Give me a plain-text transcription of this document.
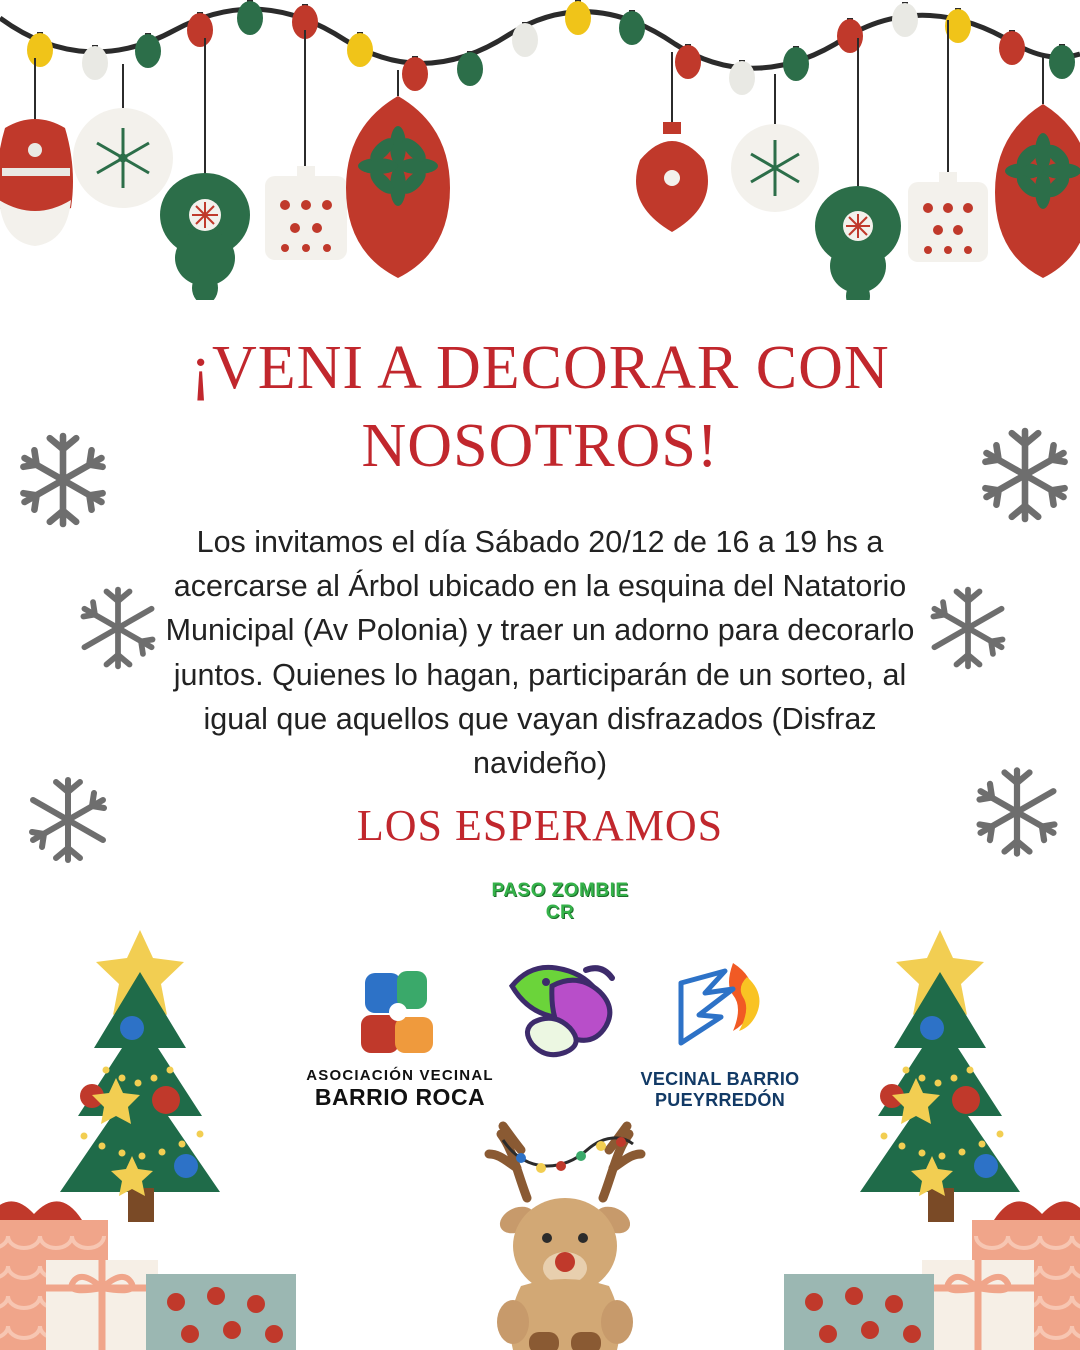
¡VENI A DECORAR CON NOSOTROS!
Los invitamos el día Sábado 20/12 de 16 a 19 hs a acercarse al Árbol ubicado en la esquina del Natatorio Municipal (Av Polonia) y traer un adorno para decorarlo juntos. Quienes lo hagan, participarán de un sorteo, al igual que aquellos que vayan disfrazados (Disfraz navideño)
LOS ESPERAMOS
ASOCIACIÓN VECINAL
BARRIO ROCA
PASO ZOMBIE CR
VECINAL BARRIO
PUEYRREDÓN
